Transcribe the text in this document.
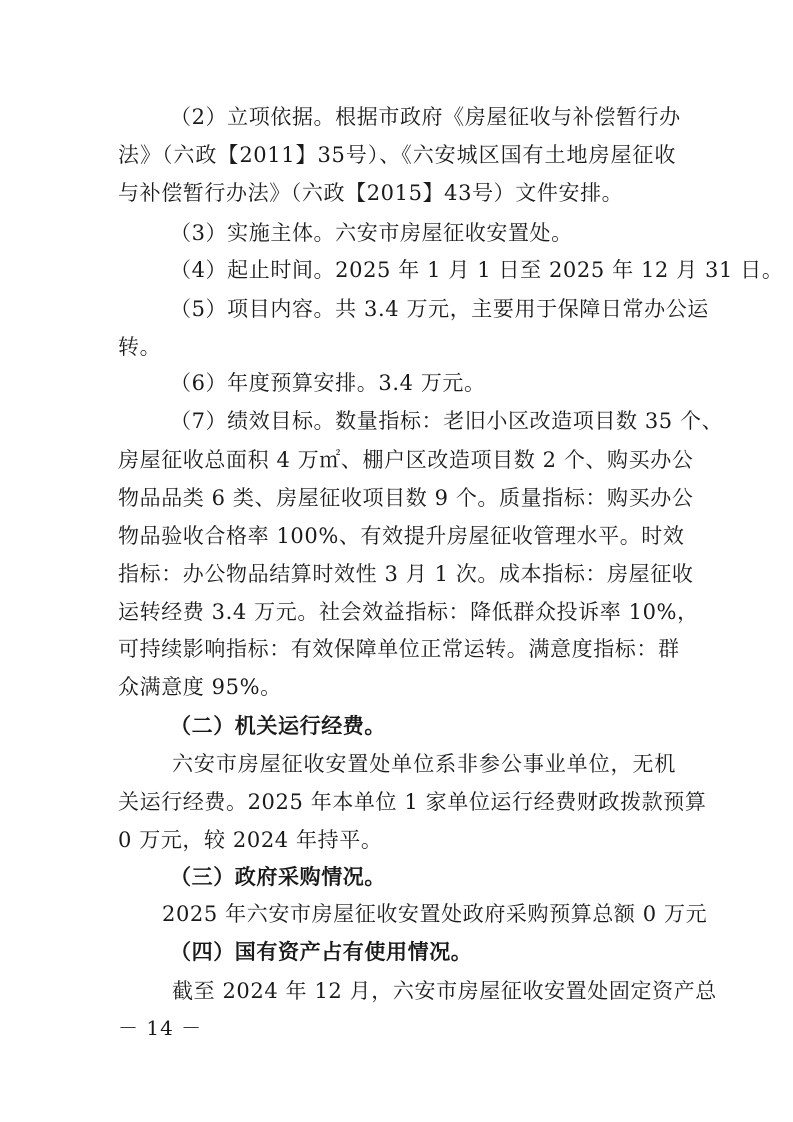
（2）立项依据。根据市政府《房屋征收与补偿暂行办
法》（六政【2011】35号）、《六安城区国有土地房屋征收
与补偿暂行办法》（六政【2015】43号）文件安排。
（3）实施主体。六安市房屋征收安置处。
（4）起止时间。2025 年 1 月 1 日至 2025 年 12 月 31 日。
（5）项目内容。共 3.4 万元，主要用于保障日常办公运
转。
（6）年度预算安排。3.4 万元。
（7）绩效目标。数量指标：老旧小区改造项目数 35 个、
房屋征收总面积 4 万㎡、棚户区改造项目数 2 个、购买办公
物品品类 6 类、房屋征收项目数 9 个。质量指标：购买办公
物品验收合格率 100%、有效提升房屋征收管理水平。时效
指标：办公物品结算时效性 3 月 1 次。成本指标：房屋征收
运转经费 3.4 万元。社会效益指标：降低群众投诉率 10%，
可持续影响指标：有效保障单位正常运转。满意度指标：群
众满意度 95%。
（二）机关运行经费。
六安市房屋征收安置处单位系非参公事业单位，无机
关运行经费。2025 年本单位 1 家单位运行经费财政拨款预算
0 万元，较 2024 年持平。
（三）政府采购情况。
2025 年六安市房屋征收安置处政府采购预算总额 0 万元
（四）国有资产占有使用情况。
截至 2024 年 12 月，六安市房屋征收安置处固定资产总
－ 14 －
